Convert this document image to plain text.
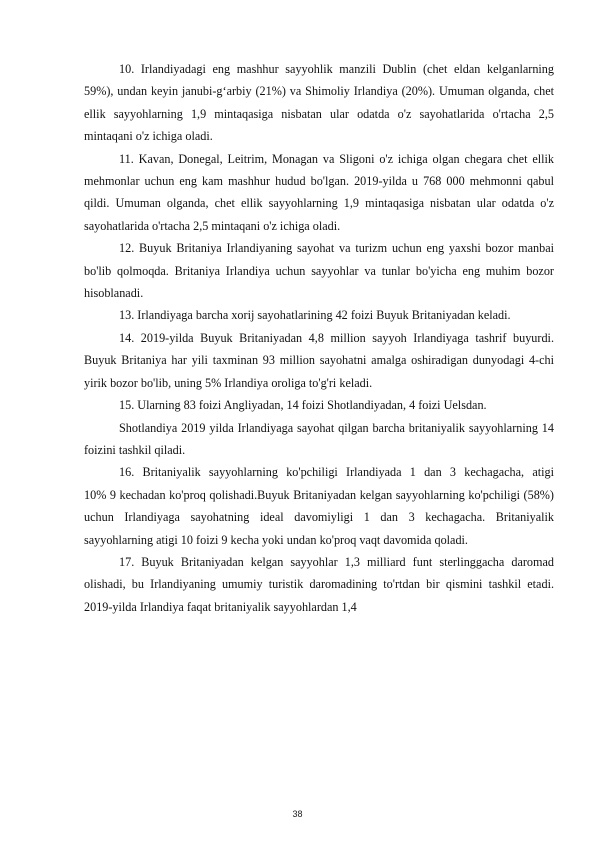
10. Irlandiyadagi eng mashhur sayyohlik manzili Dublin (chet eldan kelganlarning 59%), undan keyin janubi-g‘arbiy (21%) va Shimoliy Irlandiya (20%). Umuman olganda, chet ellik sayyohlarning 1,9 mintaqasiga nisbatan ular odatda o'z sayohatlarida o'rtacha 2,5 mintaqani o'z ichiga oladi.

11. Kavan, Donegal, Leitrim, Monagan va Sligoni o'z ichiga olgan chegara chet ellik mehmonlar uchun eng kam mashhur hudud bo'lgan. 2019-yilda u 768 000 mehmonni qabul qildi. Umuman olganda, chet ellik sayyohlarning 1,9 mintaqasiga nisbatan ular odatda o'z sayohatlarida o'rtacha 2,5 mintaqani o'z ichiga oladi.

12. Buyuk Britaniya Irlandiyaning sayohat va turizm uchun eng yaxshi bozor manbai bo'lib qolmoqda. Britaniya Irlandiya uchun sayyohlar va tunlar bo'yicha eng muhim bozor hisoblanadi.

13. Irlandiyaga barcha xorij sayohatlarining 42 foizi Buyuk Britaniyadan keladi.

14. 2019-yilda Buyuk Britaniyadan 4,8 million sayyoh Irlandiyaga tashrif buyurdi. Buyuk Britaniya har yili taxminan 93 million sayohatni amalga oshiradigan dunyodagi 4-chi yirik bozor bo'lib, uning 5% Irlandiya oroliga to'g'ri keladi.

15. Ularning 83 foizi Angliyadan, 14 foizi Shotlandiyadan, 4 foizi Uelsdan.

Shotlandiya 2019 yilda Irlandiyaga sayohat qilgan barcha britaniyalik sayyohlarning 14 foizini tashkil qiladi.

16. Britaniyalik sayyohlarning ko'pchiligi Irlandiyada 1 dan 3 kechagacha, atigi            10% 9 kechadan ko'proq qolishadi.Buyuk Britaniyadan kelgan sayyohlarning ko'pchiligi (58%) uchun Irlandiyaga sayohatning ideal davomiyligi 1 dan 3 kechagacha. Britaniyalik sayyohlarning atigi 10 foizi 9 kecha yoki undan ko'proq vaqt davomida qoladi.

17. Buyuk Britaniyadan kelgan sayyohlar 1,3 milliard funt sterlinggacha daromad olishadi, bu Irlandiyaning umumiy turistik daromadining to'rtdan bir qismini tashkil etadi. 2019-yilda Irlandiya faqat britaniyalik sayyohlardan 1,4

38
